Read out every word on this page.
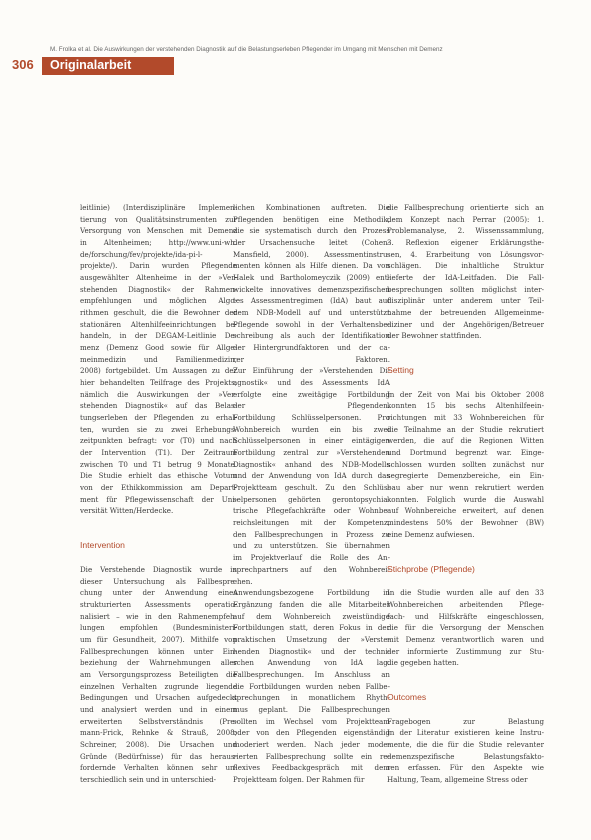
M. Frolka et al. Die Auswirkungen der verstehenden Diagnostik auf die Belastungserleben Pflegender im Umgang mit Menschen mit Demenz
306 Originalarbeit
leitlinie) (Interdisziplinäre Implemen-
tierung von Qualitätsinstrumenten zur
Versorgung von Menschen mit Demenz
in Altenheimen; http://www.uni-wh.
de/forschung/fev/projekte/ida-pi-l-
projekte/). Darin wurden Pflegende
ausgewählter Altenheime in der »Ver-
stehenden Diagnostik« der Rahmen-
empfehlungen und möglichen Algo-
rithmen geschult, die die Bewohner der
stationären Altenhilfeeinrichtungen be-
handeln, in der DEGAM-Leitlinie De-
menz (Demenz Good sowie für Allge-
meinmedizin und Familienmedizin,
2008) fortgebildet. Um Aussagen zu der
hier behandelten Teilfrage des Projekts,
nämlich die Auswirkungen der »Ver-
stehenden Diagnostik« auf das Belas-
tungserleben der Pflegenden zu erhal-
ten, wurden sie zu zwei Erhebungs-
zeitpunkten befragt: vor (T0) und nach
der Intervention (T1). Der Zeitraum
zwischen T0 und T1 betrug 9 Monate.
Die Studie erhielt das ethische Votum
von der Ethikkommission am Depart-
ment für Pflegewissenschaft der Uni-
versität Witten/Herdecke.
Intervention
Die Verstehende Diagnostik wurde in
dieser Untersuchung als Fallbespre-
chung unter der Anwendung eines
strukturierten Assessments operatio-
nalisiert – wie in den Rahmenempfeh-
lungen empfohlen (Bundesministeri-
um für Gesundheit, 2007). Mithilfe von
Fallbesprechungen können unter Ein-
beziehung der Wahrnehmungen aller
am Versorgungsprozess Beteiligten die
einzelnen Verhalten zugrunde liegende
Bedingungen und Ursachen aufgedeckt
und analysiert werden und in einem
erweiterten Selbstverständnis (Pre-
mann-Frick, Rehnke & Strauß, 2008;
Schreiner, 2008). Die Ursachen und
Gründe (Bedürfnisse) für das heraus-
fordernde Verhalten können sehr un-
terschiedlich sein und in unterschied-
lichen Kombinationen auftreten. Die
Pflegenden benötigen eine Methodik,
die sie systematisch durch den Prozess
der Ursachensuche leitet (Cohen-
Mansfield, 2000). Assessmentinstru-
menten können als Hilfe dienen. Da von
Halek und Bartholomeyczik (2009) ent-
wickelte innovatives demenzspezifischen
tes Assessmentregimen (IdA) baut auf
dem NDB-Modell auf und unterstützt
Pflegende sowohl in der Verhaltensbe-
schreibung als auch der Identifikation
der Hintergrundfaktoren und der ca-
rer Faktoren.
Zur Einführung der »Verstehenden Di-
agnostik« und des Assessments IdA
erfolgte eine zweitägige Fortbildung
der Pflegenden.
Fortbildung Schlüsselpersonen. Pro
Wohnbereich wurden ein bis zwei
Schlüsselpersonen in einer eintägigen
Fortbildung zentral zur »Verstehenden
Diagnostik« anhand des NDB-Modells
und der Anwendung von IdA durch das
Projektteam geschult. Zu den Schlüs-
selpersonen gehörten gerontopsychia-
trische Pflegefachkräfte oder Wohnbe-
reichsleitungen mit der Kompetenz,
den Fallbesprechungen in Prozess zu
und zu unterstützen. Sie übernahmen
im Projektverlauf die Rolle des An-
sprechpartners auf den Wohnberei-
chen.
Anwendungsbezogene Fortbildung in
Ergänzung fanden die alle Mitarbeiter
auf dem Wohnbereich zweistündige
Fortbildungen statt, deren Fokus in der
praktischen Umsetzung der »Verste-
henden Diagnostik« und der techni-
schen Anwendung von IdA lag.
Fallbesprechungen. Im Anschluss an
die Fortbildungen wurden neben Fallbe-
sprechungen in monatlichem Rhyth-
mus geplant. Die Fallbesprechungen
sollten im Wechsel vom Projektteam
oder von den Pflegenden eigenständig
moderiert werden. Nach jeder mode-
rierten Fallbesprechung sollte ein re-
flexives Feedbackgespräch mit dem
Projektteam folgen. Der Rahmen für
die Fallbesprechung orientierte sich an
dem Konzept nach Perrar (2005): 1.
Problemanalyse, 2. Wissenssammlung,
3. Reflexion eigener Erklärungsthe-
sen, 4. Erarbeitung von Lösungsvor-
schlägen. Die inhaltliche Struktur
lieferte der IdA-Leitfaden. Die Fall-
besprechungen sollten möglichst inter-
disziplinär unter anderem unter Teil-
nahme der betreuenden Allgemeinme-
diziner und der Angehörigen/Betreuer
der Bewohner stattfinden.
Setting
In der Zeit von Mai bis Oktober 2008
konnten 15 bis sechs Altenhilfeein-
richtungen mit 33 Wohnbereichen für
die Teilnahme an der Studie rekrutiert
werden, die auf die Regionen Witten
und Dortmund begrenzt war. Einge-
schlossen wurden sollten zunächst nur
segregierte Demenzbereiche, ein Ein-
bau aber nur wenn rekrutiert werden
konnten. Folglich wurde die Auswahl
auf Wohnbereiche erweitert, auf denen
mindestens 50% der Bewohner (BW)
eine Demenz aufwiesen.
Stichprobe (Pflegende)
In die Studie wurden alle auf den 33
Wohnbereichen arbeitenden Pflege-
fach- und Hilfskräfte eingeschlossen,
die für die Versorgung der Menschen
mit Demenz verantwortlich waren und
der informierte Zustimmung zur Stu-
die gegeben hatten.
Outcomes
Fragebogen zur Belastung
In der Literatur existieren keine Instru-
mente, die die für die Studie relevanter
demenzspezifische Belastungsfakto-
ren erfassen. Für den Aspekte wie
Haltung, Team, allgemeine Stress oder
